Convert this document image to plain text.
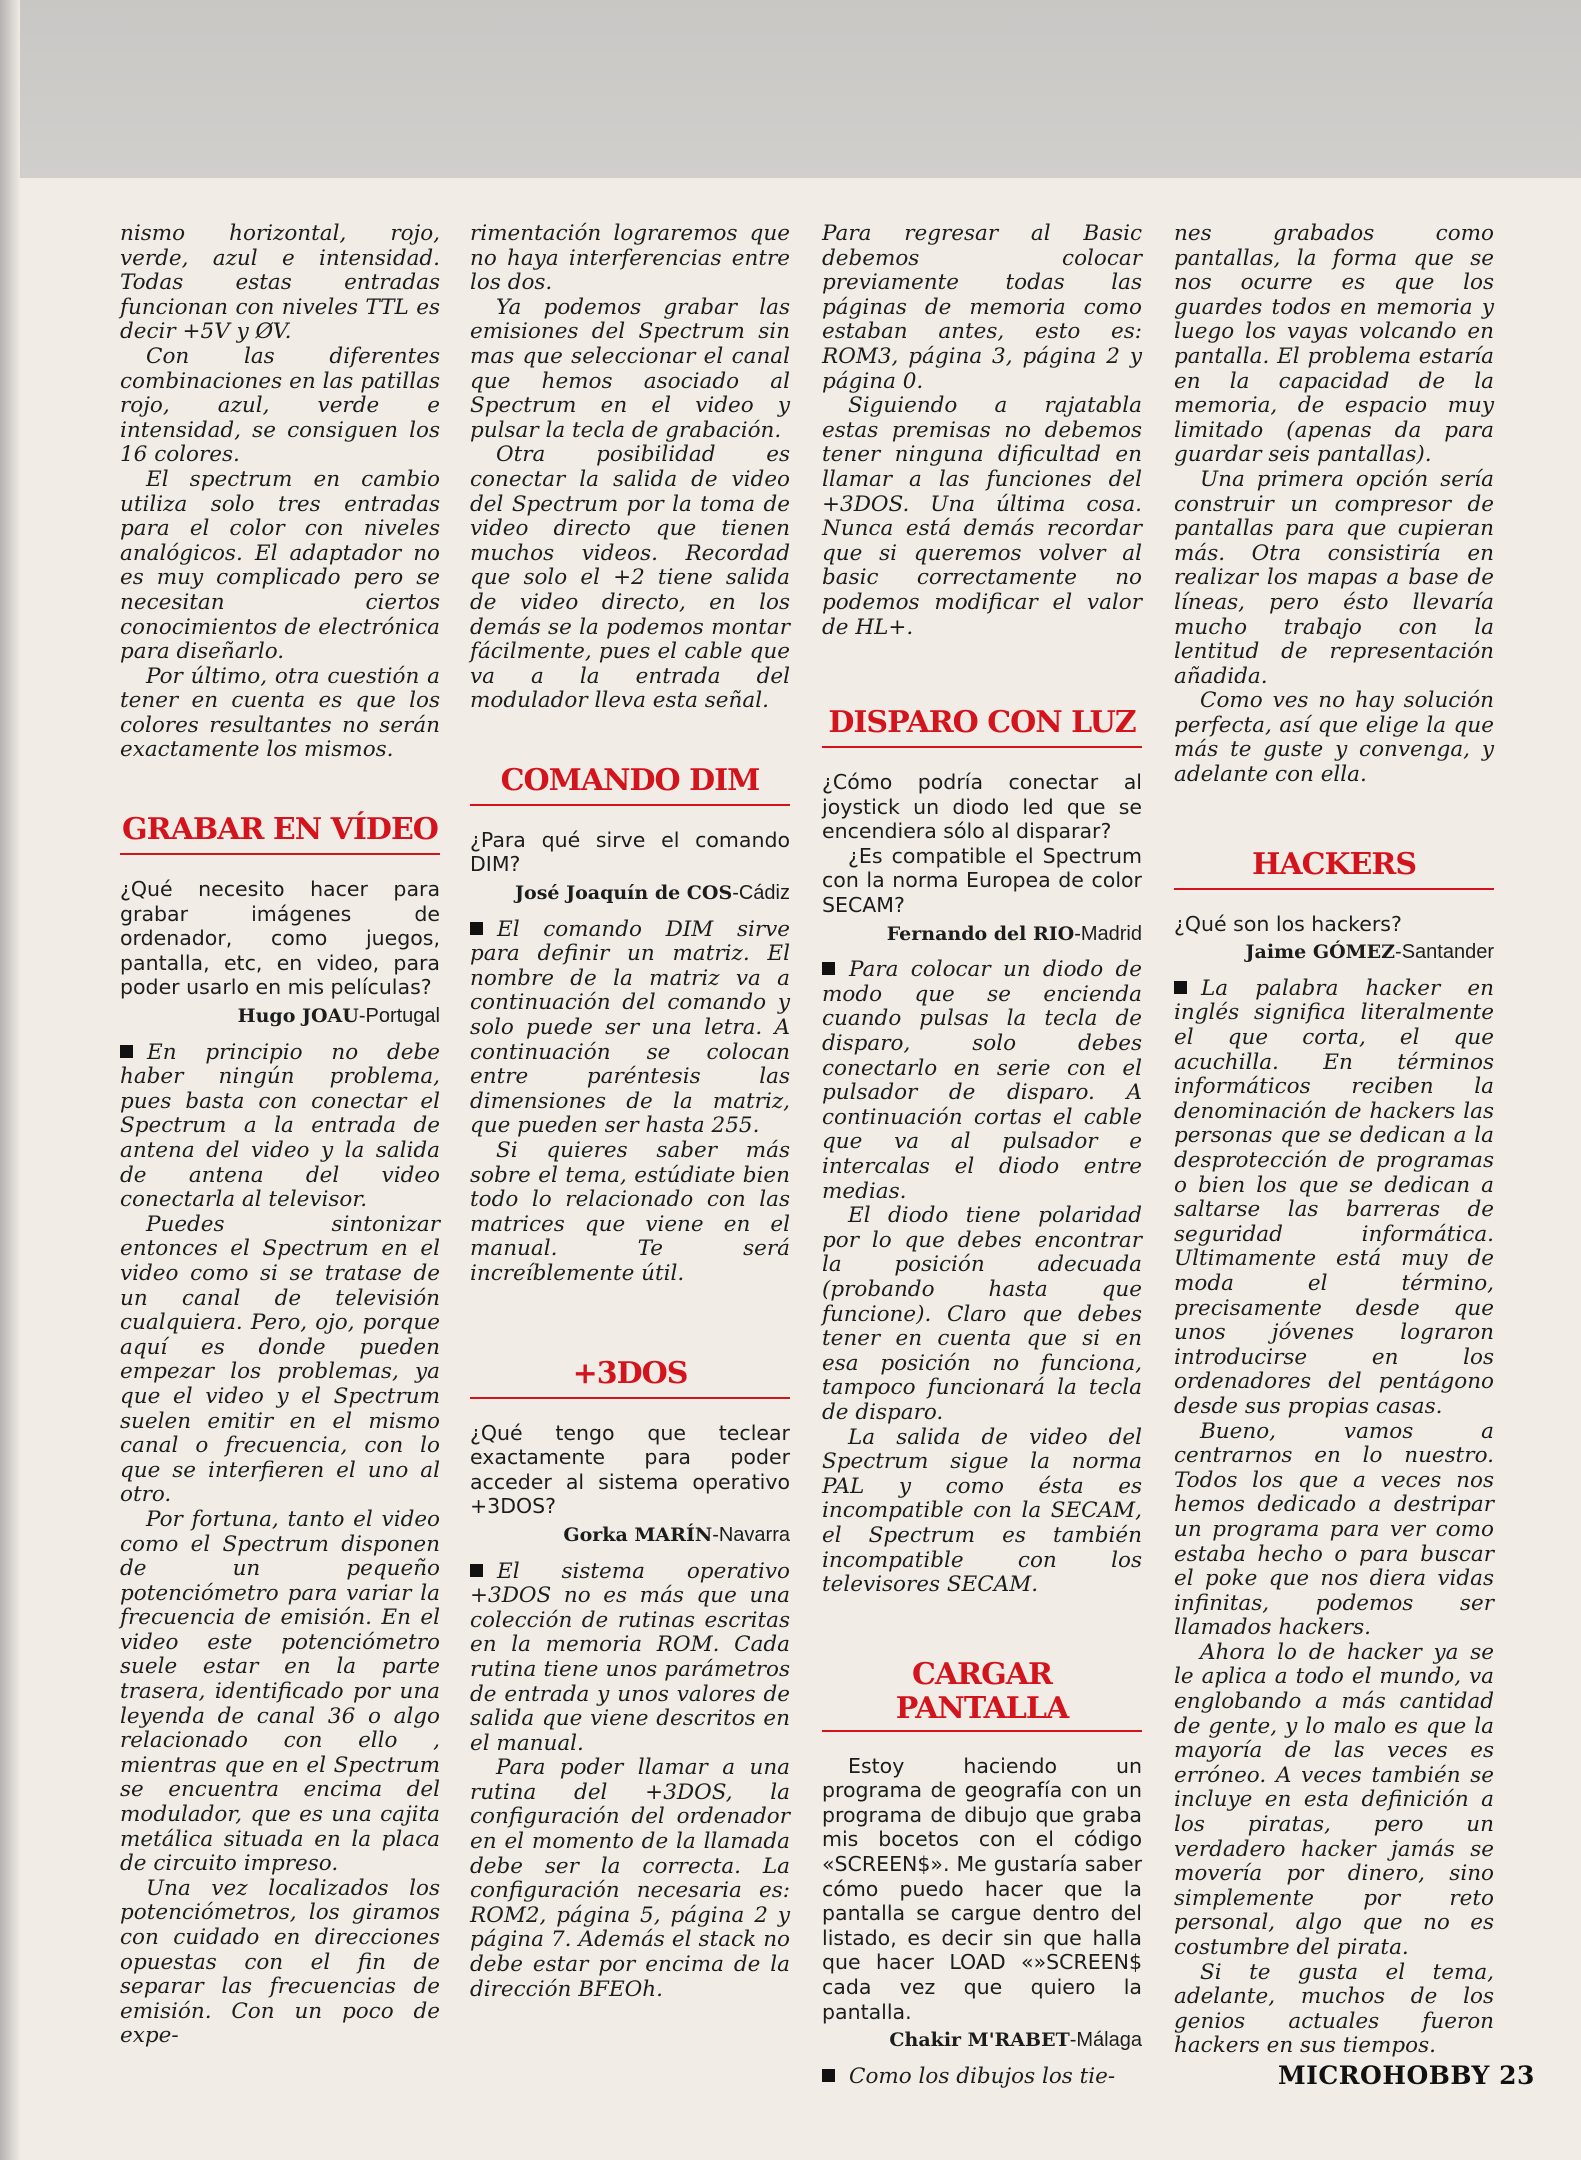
nismo horizontal, rojo, verde, azul e intensidad. Todas estas entradas funcionan con niveles TTL es decir +5V y ØV.

Con las diferentes combinaciones en las patillas rojo, azul, verde e intensidad, se consiguen los 16 colores.

El spectrum en cambio utiliza solo tres entradas para el color con niveles analógicos. El adaptador no es muy complicado pero se necesitan ciertos conocimientos de electrónica para diseñarlo.

Por último, otra cuestión a tener en cuenta es que los colores resultantes no serán exactamente los mismos.

GRABAR EN VÍDEO

¿Qué necesito hacer para grabar imágenes de ordenador, como juegos, pantalla, etc, en video, para poder usarlo en mis películas?

Hugo JOAU-Portugal

En principio no debe haber ningún problema, pues basta con conectar el Spectrum a la entrada de antena del video y la salida de antena del video conectarla al televisor.

Puedes sintonizar entonces el Spectrum en el video como si se tratase de un canal de televisión cualquiera. Pero, ojo, porque aquí es donde pueden empezar los problemas, ya que el video y el Spectrum suelen emitir en el mismo canal o frecuencia, con lo que se interfieren el uno al otro.

Por fortuna, tanto el video como el Spectrum disponen de un pequeño potenciómetro para variar la frecuencia de emisión. En el video este potenciómetro suele estar en la parte trasera, identificado por una leyenda de canal 36 o algo relacionado con ello , mientras que en el Spectrum se encuentra encima del modulador, que es una cajita metálica situada en la placa de circuito impreso.

Una vez localizados los potenciómetros, los giramos con cuidado en direcciones opuestas con el fin de separar las frecuencias de emisión. Con un poco de expe-

rimentación lograremos que no haya interferencias entre los dos.

Ya podemos grabar las emisiones del Spectrum sin mas que seleccionar el canal que hemos asociado al Spectrum en el video y pulsar la tecla de grabación.

Otra posibilidad es conectar la salida de video del Spectrum por la toma de video directo que tienen muchos videos. Recordad que solo el +2 tiene salida de video directo, en los demás se la podemos montar fácilmente, pues el cable que va a la entrada del modulador lleva esta señal.

COMANDO DIM

¿Para qué sirve el comando DIM?

José Joaquín de COS-Cádiz

El comando DIM sirve para definir un matriz. El nombre de la matriz va a continuación del comando y solo puede ser una letra. A continuación se colocan entre paréntesis las dimensiones de la matriz, que pueden ser hasta 255.

Si quieres saber más sobre el tema, estúdiate bien todo lo relacionado con las matrices que viene en el manual. Te será increíblemente útil.

+3DOS

¿Qué tengo que teclear exactamente para poder acceder al sistema operativo +3DOS?

Gorka MARÍN-Navarra

El sistema operativo +3DOS no es más que una colección de rutinas escritas en la memoria ROM. Cada rutina tiene unos parámetros de entrada y unos valores de salida que viene descritos en el manual.

Para poder llamar a una rutina del +3DOS, la configuración del ordenador en el momento de la llamada debe ser la correcta. La configuración necesaria es: ROM2, página 5, página 2 y página 7. Además el stack no debe estar por encima de la dirección BFEOh.

Para regresar al Basic debemos colocar previamente todas las páginas de memoria como estaban antes, esto es: ROM3, página 3, página 2 y página 0.

Siguiendo a rajatabla estas premisas no debemos tener ninguna dificultad en llamar a las funciones del +3DOS. Una última cosa. Nunca está demás recordar que si queremos volver al basic correctamente no podemos modificar el valor de HL+.

DISPARO CON LUZ

¿Cómo podría conectar al joystick un diodo led que se encendiera sólo al disparar?

¿Es compatible el Spectrum con la norma Europea de color SECAM?

Fernando del RIO-Madrid

Para colocar un diodo de modo que se encienda cuando pulsas la tecla de disparo, solo debes conectarlo en serie con el pulsador de disparo. A continuación cortas el cable que va al pulsador e intercalas el diodo entre medias.

El diodo tiene polaridad por lo que debes encontrar la posición adecuada (probando hasta que funcione). Claro que debes tener en cuenta que si en esa posición no funciona, tampoco funcionará la tecla de disparo.

La salida de video del Spectrum sigue la norma PAL y como ésta es incompatible con la SECAM, el Spectrum es también incompatible con los televisores SECAM.

CARGAR
PANTALLA

Estoy haciendo un programa de geografía con un programa de dibujo que graba mis bocetos con el código «SCREEN$». Me gustaría saber cómo puedo hacer que la pantalla se cargue dentro del listado, es decir sin que halla que hacer LOAD «»SCREEN$ cada vez que quiero la pantalla.

Chakir M'RABET-Málaga

Como los dibujos los tie-

nes grabados como pantallas, la forma que se nos ocurre es que los guardes todos en memoria y luego los vayas volcando en pantalla. El problema estaría en la capacidad de la memoria, de espacio muy limitado (apenas da para guardar seis pantallas).

Una primera opción sería construir un compresor de pantallas para que cupieran más. Otra consistiría en realizar los mapas a base de líneas, pero ésto llevaría mucho trabajo con la lentitud de representación añadida.

Como ves no hay solución perfecta, así que elige la que más te guste y convenga, y adelante con ella.

HACKERS

¿Qué son los hackers?

Jaime GÓMEZ-Santander

La palabra hacker en inglés significa literalmente el que corta, el que acuchilla. En términos informáticos reciben la denominación de hackers las personas que se dedican a la desprotección de programas o bien los que se dedican a saltarse las barreras de seguridad informática. Ultimamente está muy de moda el término, precisamente desde que unos jóvenes lograron introducirse en los ordenadores del pentágono desde sus propias casas.

Bueno, vamos a centrarnos en lo nuestro. Todos los que a veces nos hemos dedicado a destripar un programa para ver como estaba hecho o para buscar el poke que nos diera vidas infinitas, podemos ser llamados hackers.

Ahora lo de hacker ya se le aplica a todo el mundo, va englobando a más cantidad de gente, y lo malo es que la mayoría de las veces es erróneo. A veces también se incluye en esta definición a los piratas, pero un verdadero hacker jamás se movería por dinero, sino simplemente por reto personal, algo que no es costumbre del pirata.

Si te gusta el tema, adelante, muchos de los genios actuales fueron hackers en sus tiempos.

MICROHOBBY 23
